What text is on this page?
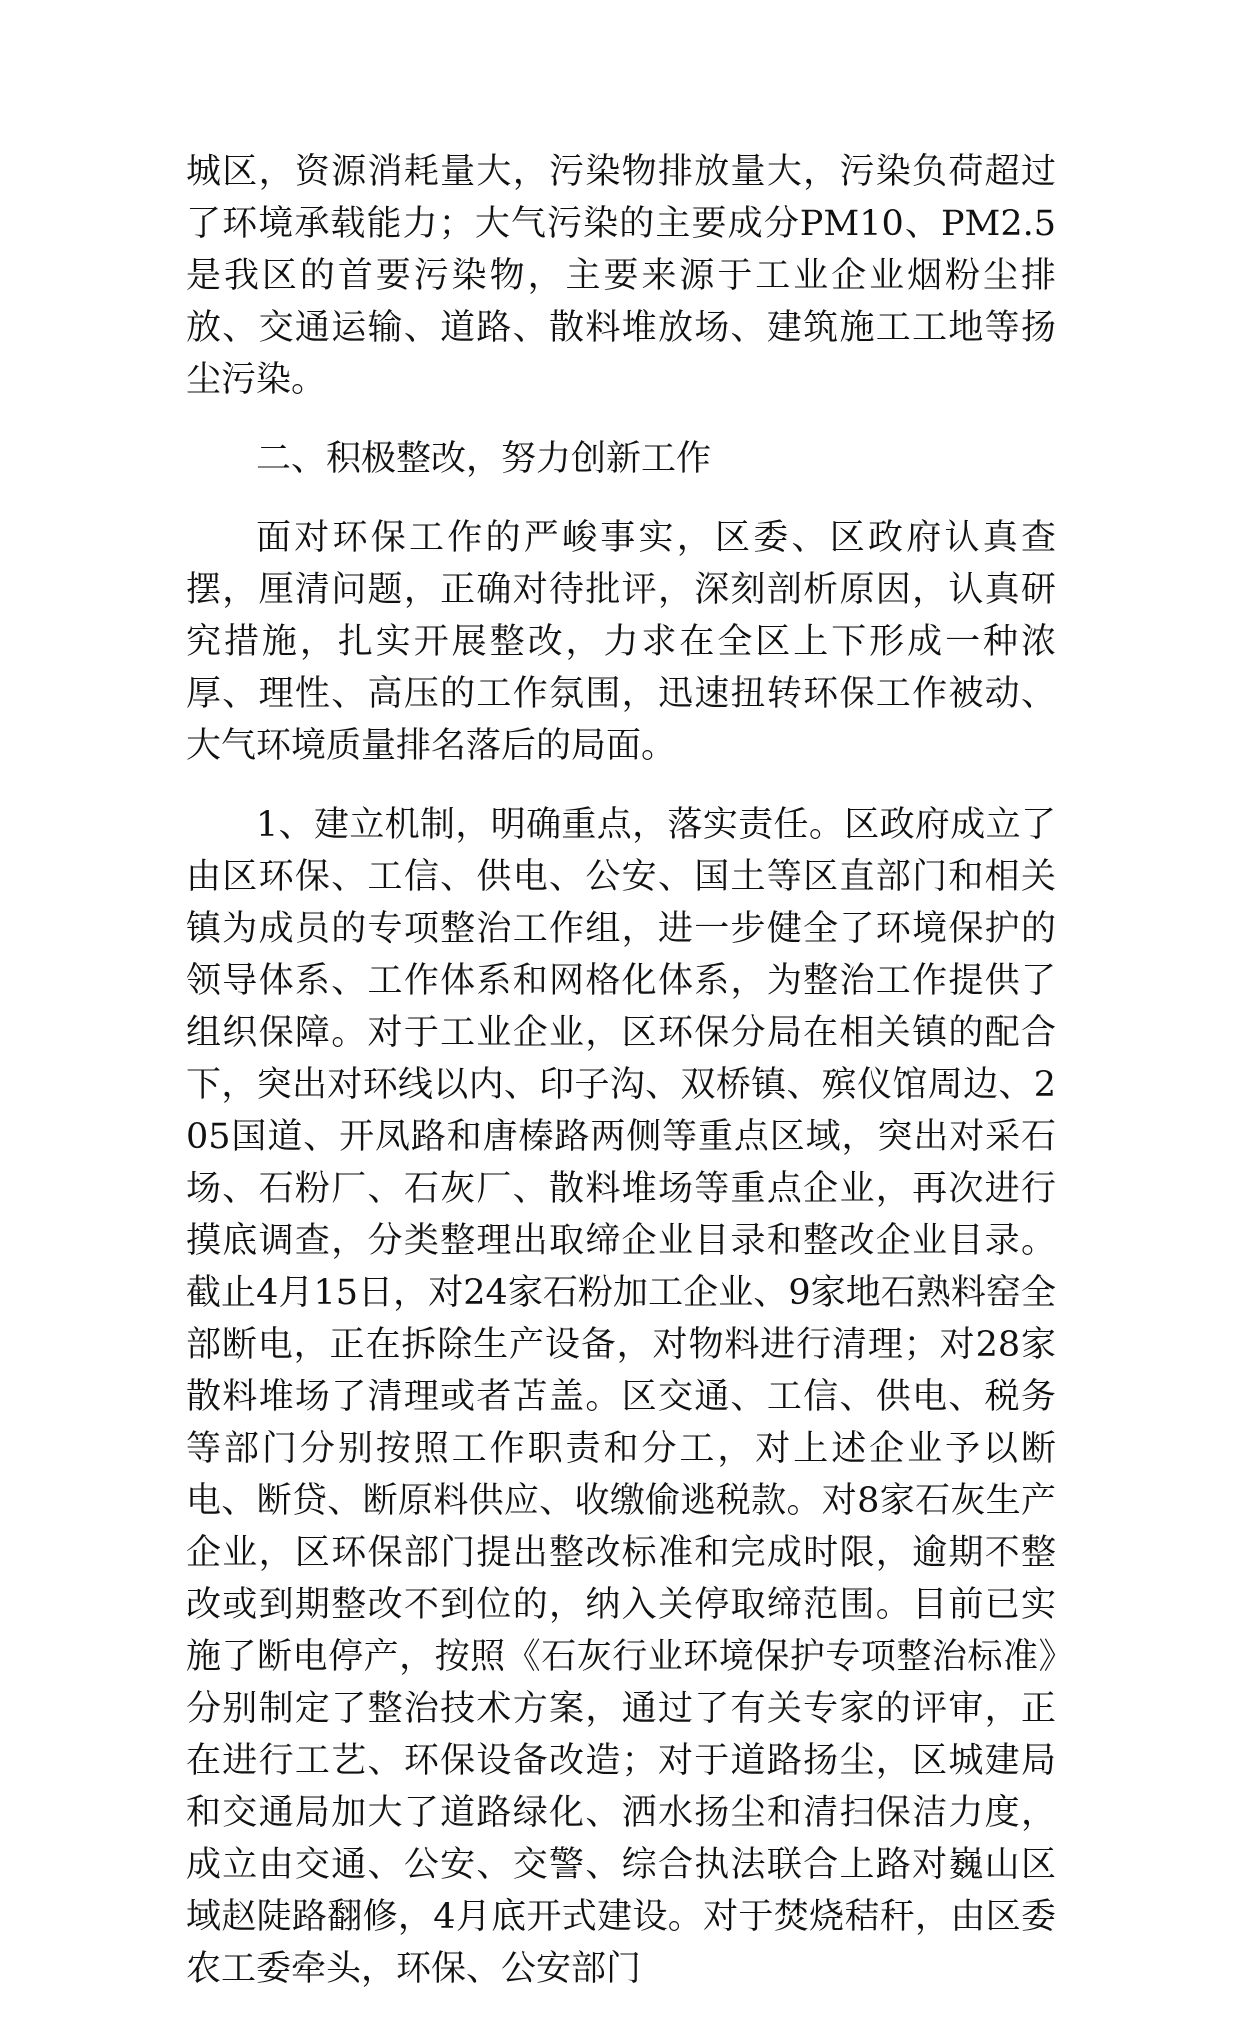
城区，资源消耗量大，污染物排放量大，污染负荷超过了环境承载能力；大气污染的主要成分PM10、PM2.5是我区的首要污染物，主要来源于工业企业烟粉尘排放、交通运输、道路、散料堆放场、建筑施工工地等扬尘污染。

二、积极整改，努力创新工作

面对环保工作的严峻事实，区委、区政府认真查摆，厘清问题，正确对待批评，深刻剖析原因，认真研究措施，扎实开展整改，力求在全区上下形成一种浓厚、理性、高压的工作氛围，迅速扭转环保工作被动、大气环境质量排名落后的局面。

1、建立机制，明确重点，落实责任。区政府成立了由区环保、工信、供电、公安、国土等区直部门和相关镇为成员的专项整治工作组，进一步健全了环境保护的领导体系、工作体系和网格化体系，为整治工作提供了组织保障。对于工业企业，区环保分局在相关镇的配合下，突出对环线以内、印子沟、双桥镇、殡仪馆周边、205国道、开凤路和唐榛路两侧等重点区域，突出对采石场、石粉厂、石灰厂、散料堆场等重点企业，再次进行摸底调查，分类整理出取缔企业目录和整改企业目录。截止4月15日，对24家石粉加工企业、9家地石熟料窑全部断电，正在拆除生产设备，对物料进行清理；对28家散料堆场了清理或者苫盖。区交通、工信、供电、税务等部门分别按照工作职责和分工，对上述企业予以断电、断贷、断原料供应、收缴偷逃税款。对8家石灰生产企业，区环保部门提出整改标准和完成时限，逾期不整改或到期整改不到位的，纳入关停取缔范围。目前已实施了断电停产，按照《石灰行业环境保护专项整治标准》分别制定了整治技术方案，通过了有关专家的评审，正在进行工艺、环保设备改造；对于道路扬尘，区城建局和交通局加大了道路绿化、洒水扬尘和清扫保洁力度，成立由交通、公安、交警、综合执法联合上路对巍山区域赵陡路翻修，4月底开式建设。对于焚烧秸秆，由区委农工委牵头，环保、公安部门
